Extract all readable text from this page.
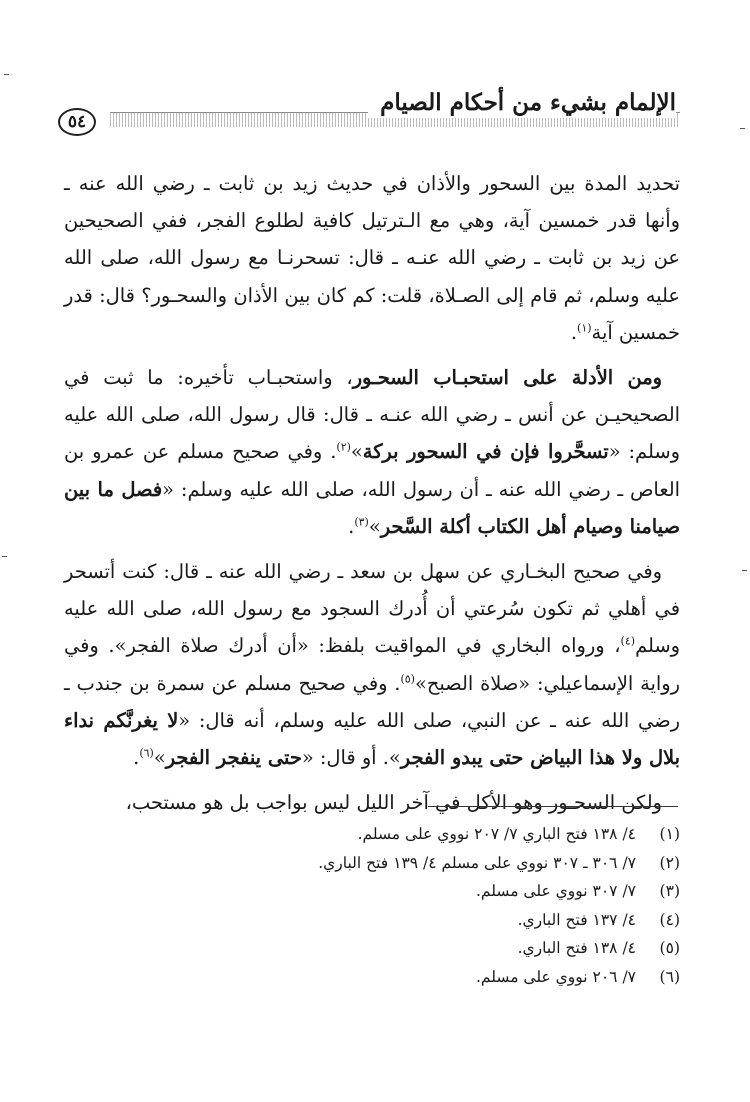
الإلمام بشيء من أحكام الصيام
٥٤

تحديد المدة بين السحور والأذان في حديث زيد بن ثابت ـ رضي الله عنه ـ وأنها قدر خمسين آية، وهي مع الـترتيل كافية لطلوع الفجر، ففي الصحيحين عن زيد بن ثابت ـ رضي الله عنـه ـ قال: تسحرنـا مع رسول الله، صلى الله عليه وسلم، ثم قام إلى الصـلاة، قلت: كم كان بين الأذان والسحـور؟ قال: قدر خمسين آية$^{(١)}$.

ومن الأدلة على استحبـاب السحـور، واستحبـاب تأخيره: ما ثبت في الصحيحيـن عن أنس ـ رضي الله عنـه ـ قال: قال رسول الله، صلى الله عليه وسلم: «تسحَّروا فإن في السحور بركة»$^{(٢)}$. وفي صحيح مسلم عن عمرو بن العاص ـ رضي الله عنه ـ أن رسول الله، صلى الله عليه وسلم: «فصل ما بين صيامنا وصيام أهل الكتاب أكلة السَّحر»$^{(٣)}$.

وفي صحيح البخـاري عن سهل بن سعد ـ رضي الله عنه ـ قال: كنت أتسحر في أهلي ثم تكون سُرعتي أن أُدرك السجود مع رسول الله، صلى الله عليه وسلم$^{(٤)}$، ورواه البخاري في المواقيت بلفظ: «أن أدرك صلاة الفجر». وفي رواية الإسماعيلي: «صلاة الصبح»$^{(٥)}$. وفي صحيح مسلم عن سمرة بن جندب ـ رضي الله عنه ـ عن النبي، صلى الله عليه وسلم، أنه قال: «لا يغرنَّكم نداء بلال ولا هذا البياض حتى يبدو الفجر». أو قال: «حتى ينفجر الفجر»$^{(٦)}$.

ولكن السحـور وهو الأكل في آخر الليل ليس بواجب بل هو مستحب،

(١)٤/ ١٣٨ فتح الباري ٧/ ٢٠٧ نووي على مسلم.
(٢)٧/ ٣٠٦ ـ ٣٠٧ نووي على مسلم ٤/ ١٣٩ فتح الباري.
(٣)٧/ ٣٠٧ نووي على مسلم.
(٤)٤/ ١٣٧ فتح الباري.
(٥)٤/ ١٣٨ فتح الباري.
(٦)٧/ ٢٠٦ نووي على مسلم.
